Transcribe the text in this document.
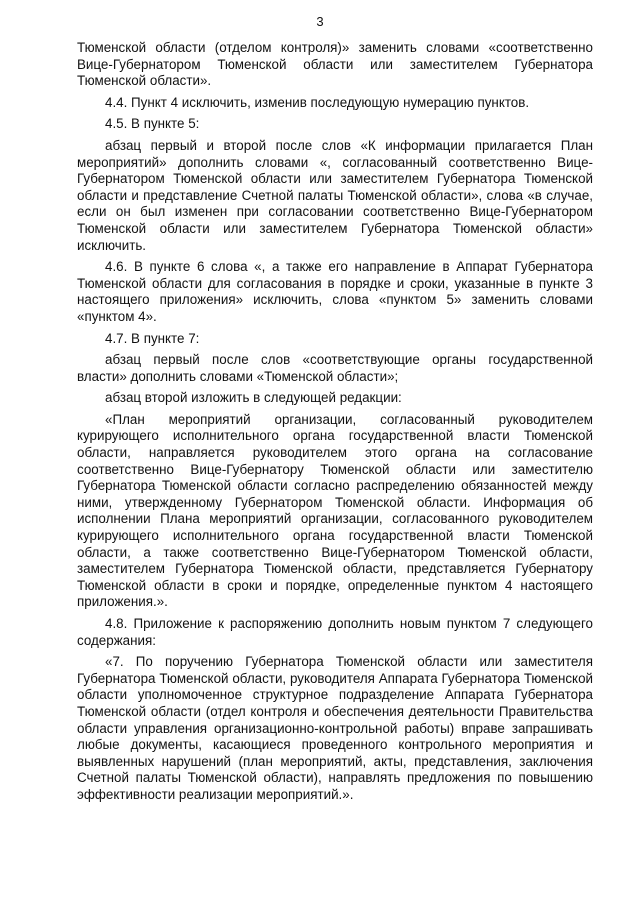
3

Тюменской области (отделом контроля)» заменить словами «соответственно Вице-Губернатором Тюменской области или заместителем Губернатора Тюменской области».

4.4. Пункт 4 исключить, изменив последующую нумерацию пунктов.

4.5. В пункте 5:

абзац первый и второй после слов «К информации прилагается План мероприятий» дополнить словами «, согласованный соответственно Вице-Губернатором Тюменской области или заместителем Губернатора Тюменской области и представление Счетной палаты Тюменской области», слова «в случае, если он был изменен при согласовании соответственно Вице-Губернатором Тюменской области или заместителем Губернатора Тюменской области» исключить.

4.6. В пункте 6 слова «, а также его направление в Аппарат Губернатора Тюменской области для согласования в порядке и сроки, указанные в пункте 3 настоящего приложения» исключить, слова «пунктом 5» заменить словами «пунктом 4».

4.7. В пункте 7:

абзац первый после слов «соответствующие органы государственной власти» дополнить словами «Тюменской области»;

абзац второй изложить в следующей редакции:

«План мероприятий организации, согласованный руководителем курирующего исполнительного органа государственной власти Тюменской области, направляется руководителем этого органа на согласование соответственно Вице-Губернатору Тюменской области или заместителю Губернатора Тюменской области согласно распределению обязанностей между ними, утвержденному Губернатором Тюменской области. Информация об исполнении Плана мероприятий организации, согласованного руководителем курирующего исполнительного органа государственной власти Тюменской области, а также соответственно Вице-Губернатором Тюменской области, заместителем Губернатора Тюменской области, представляется Губернатору Тюменской области в сроки и порядке, определенные пунктом 4 настоящего приложения.».

4.8. Приложение к распоряжению дополнить новым пунктом 7 следующего содержания:

«7. По поручению Губернатора Тюменской области или заместителя Губернатора Тюменской области, руководителя Аппарата Губернатора Тюменской области уполномоченное структурное подразделение Аппарата Губернатора Тюменской области (отдел контроля и обеспечения деятельности Правительства области управления организационно-контрольной работы) вправе запрашивать любые документы, касающиеся проведенного контрольного мероприятия и выявленных нарушений (план мероприятий, акты, представления, заключения Счетной палаты Тюменской области), направлять предложения по повышению эффективности реализации мероприятий.».
